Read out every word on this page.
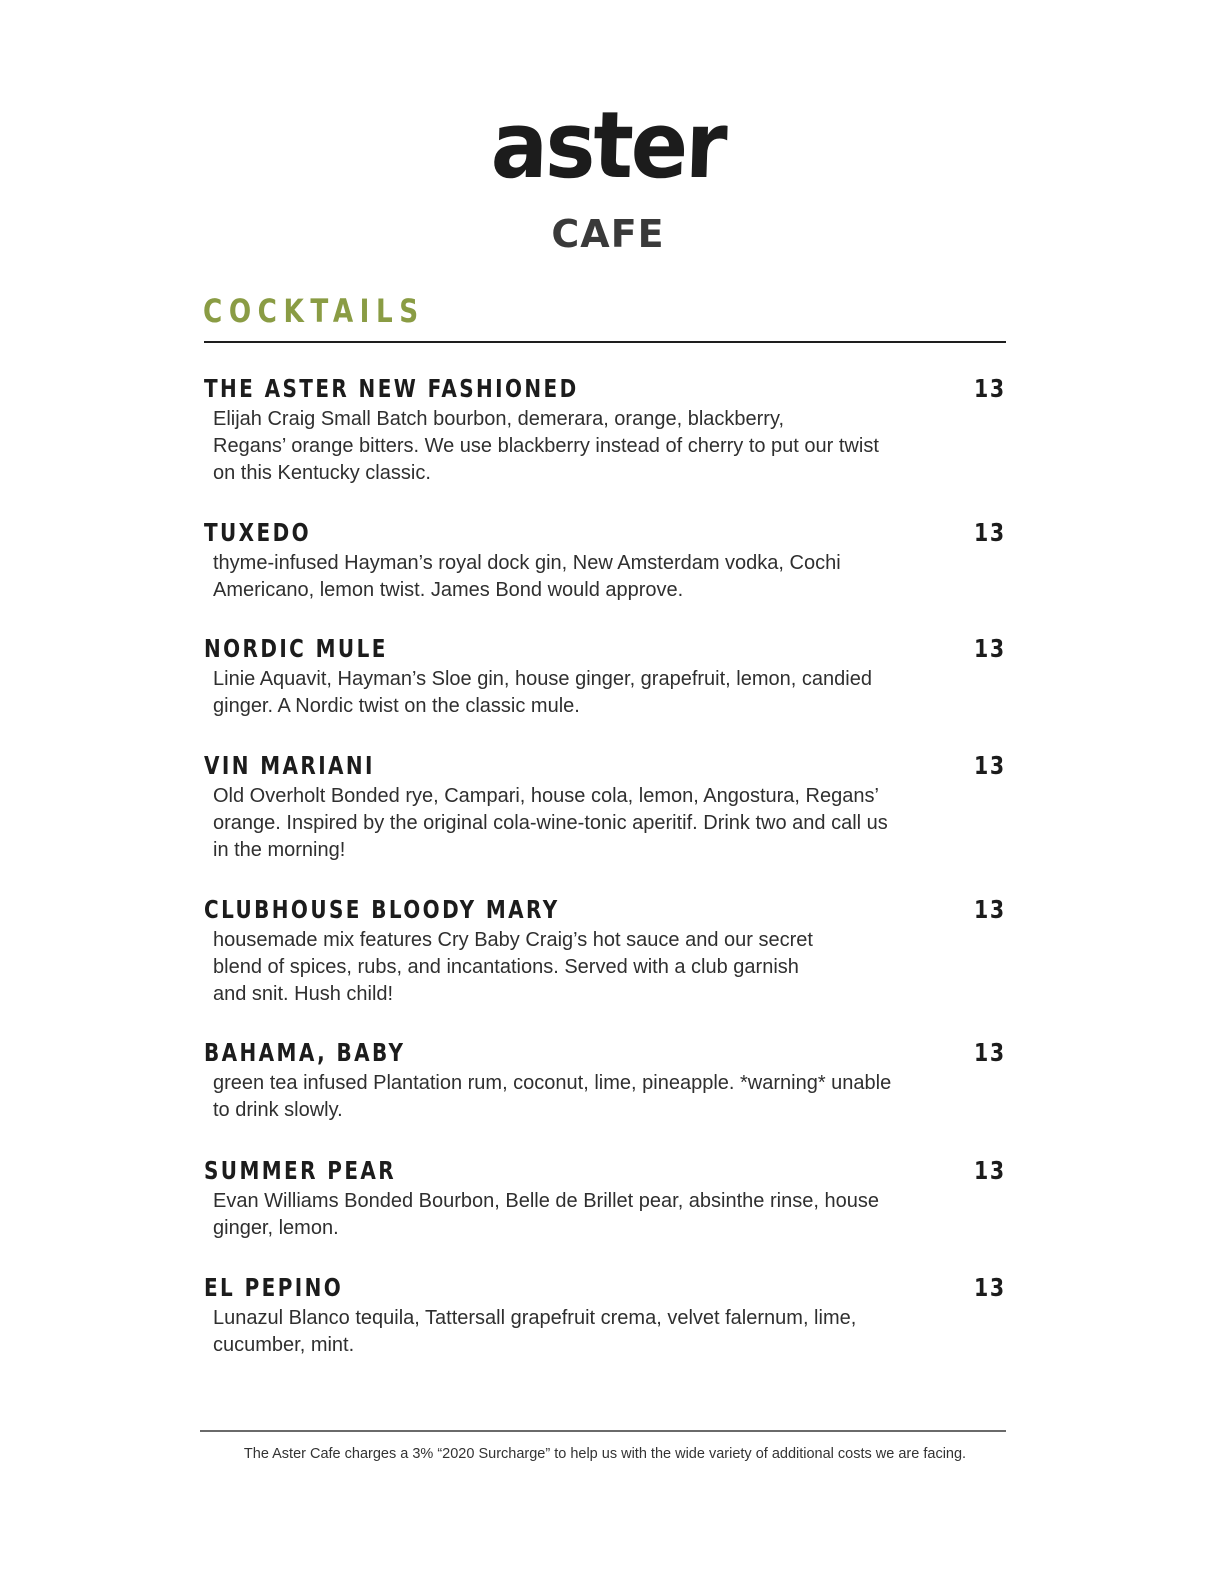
aster
CAFE
COCKTAILS
THE ASTER NEW FASHIONED	13

Elijah Craig Small Batch bourbon, demerara, orange, blackberry,
Regans’ orange bitters. We use blackberry instead of cherry to put our twist
on this Kentucky classic.

TUXEDO	13

thyme-infused Hayman’s royal dock gin, New Amsterdam vodka, Cochi
Americano, lemon twist. James Bond would approve.

NORDIC MULE	13

Linie Aquavit, Hayman’s Sloe gin, house ginger, grapefruit, lemon, candied
ginger. A Nordic twist on the classic mule.

VIN MARIANI	13

Old Overholt Bonded rye, Campari, house cola, lemon, Angostura, Regans’
orange. Inspired by the original cola-wine-tonic aperitif. Drink two and call us
in the morning!

CLUBHOUSE BLOODY MARY	13

housemade mix features Cry Baby Craig’s hot sauce and our secret
blend of spices, rubs, and incantations. Served with a club garnish
and snit. Hush child!

BAHAMA, BABY	13

green tea infused Plantation rum, coconut, lime, pineapple. *warning* unable
to drink slowly.

SUMMER PEAR	13

Evan Williams Bonded Bourbon, Belle de Brillet pear, absinthe rinse, house
ginger, lemon.

EL PEPINO	13

Lunazul Blanco tequila, Tattersall grapefruit crema, velvet falernum, lime,
cucumber, mint.

The Aster Cafe charges a 3% “2020 Surcharge” to help us with the wide variety of additional costs we are facing.
